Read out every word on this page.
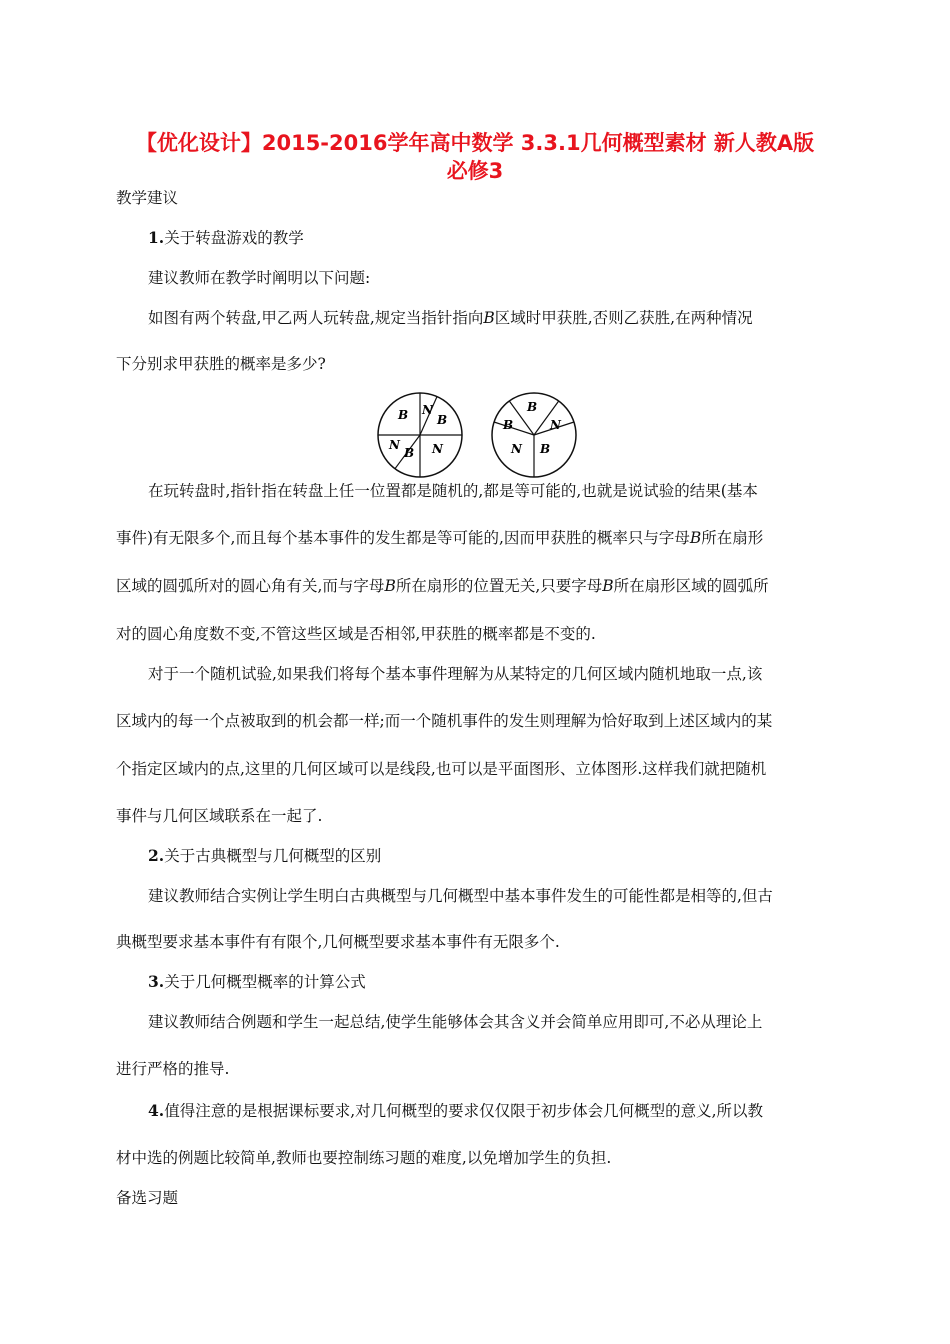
【优化设计】2015-2016学年高中数学 3.3.1几何概型素材 新人教A版
必修3
教学建议
1.关于转盘游戏的教学
建议教师在教学时阐明以下问题:
如图有两个转盘,甲乙两人玩转盘,规定当指针指向B区域时甲获胜,否则乙获胜,在两种情况
下分别求甲获胜的概率是多少?
B N
B
N
B N
B
N
B
N B
在玩转盘时,指针指在转盘上任一位置都是随机的,都是等可能的,也就是说试验的结果(基本
事件)有无限多个,而且每个基本事件的发生都是等可能的,因而甲获胜的概率只与字母B所在扇形
区域的圆弧所对的圆心角有关,而与字母B所在扇形的位置无关,只要字母B所在扇形区域的圆弧所
对的圆心角度数不变,不管这些区域是否相邻,甲获胜的概率都是不变的.
对于一个随机试验,如果我们将每个基本事件理解为从某特定的几何区域内随机地取一点,该
区域内的每一个点被取到的机会都一样;而一个随机事件的发生则理解为恰好取到上述区域内的某
个指定区域内的点,这里的几何区域可以是线段,也可以是平面图形、立体图形.这样我们就把随机
事件与几何区域联系在一起了.
2.关于古典概型与几何概型的区别
建议教师结合实例让学生明白古典概型与几何概型中基本事件发生的可能性都是相等的,但古
典概型要求基本事件有有限个,几何概型要求基本事件有无限多个.
3.关于几何概型概率的计算公式
建议教师结合例题和学生一起总结,使学生能够体会其含义并会简单应用即可,不必从理论上
进行严格的推导.
4.值得注意的是根据课标要求,对几何概型的要求仅仅限于初步体会几何概型的意义,所以教
材中选的例题比较简单,教师也要控制练习题的难度,以免增加学生的负担.
备选习题
